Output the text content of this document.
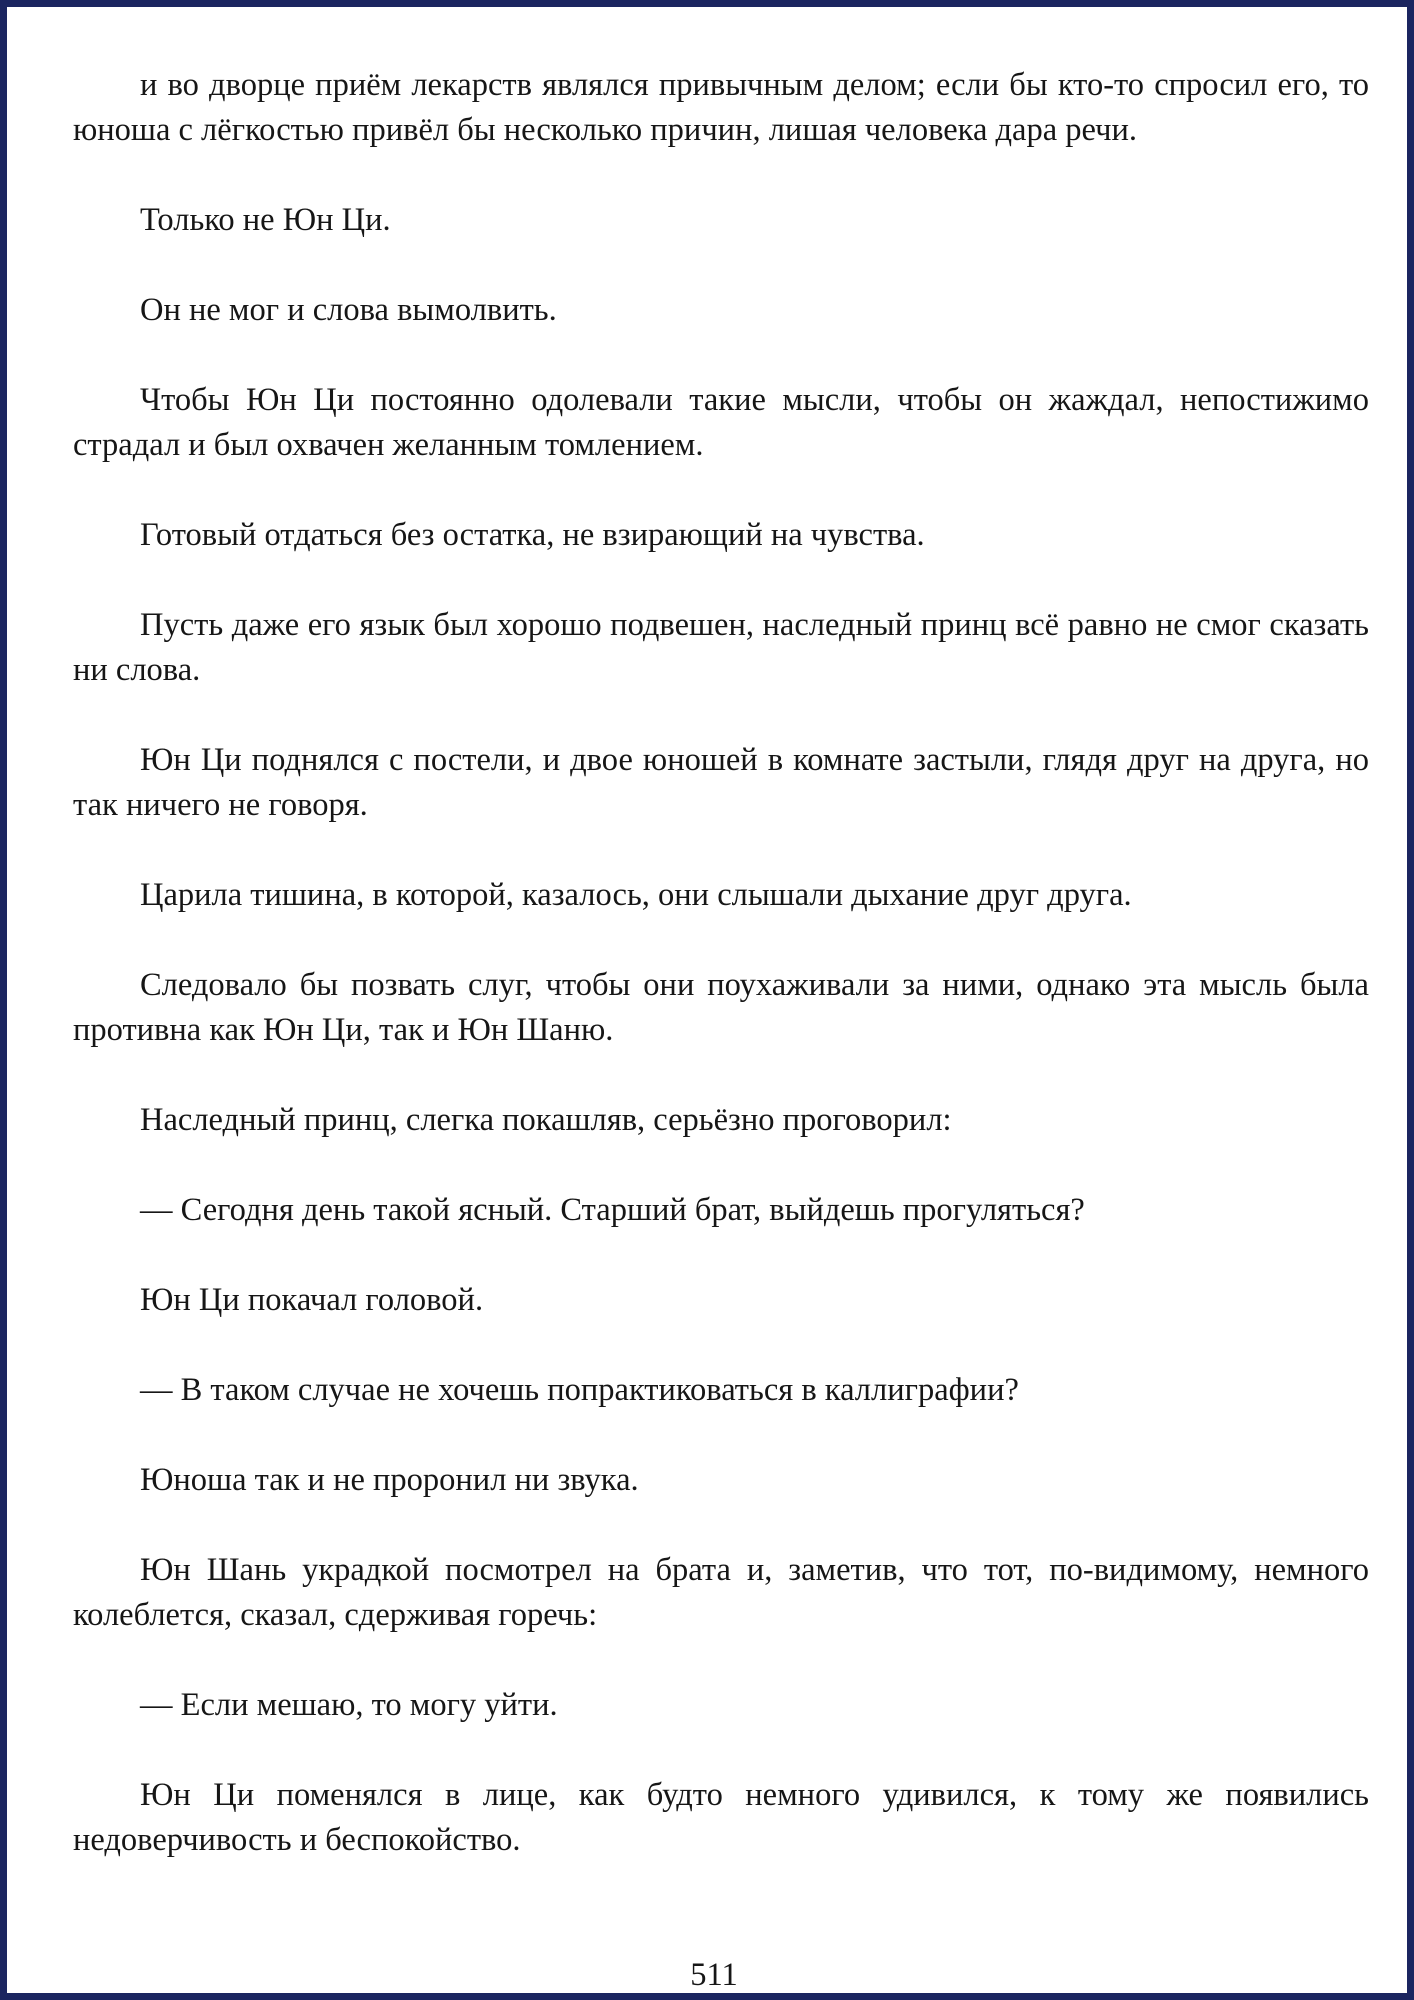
и во дворце приём лекарств являлся привычным делом; если бы кто-то спросил его, то юноша с лёгкостью привёл бы несколько причин, лишая человека дара речи.

Только не Юн Ци.

Он не мог и слова вымолвить.

Чтобы Юн Ци постоянно одолевали такие мысли, чтобы он жаждал, непостижимо страдал и был охвачен желанным томлением.

Готовый отдаться без остатка, не взирающий на чувства.

Пусть даже его язык был хорошо подвешен, наследный принц всё равно не смог сказать ни слова.

Юн Ци поднялся с постели, и двое юношей в комнате застыли, глядя друг на друга, но так ничего не говоря.

Царила тишина, в которой, казалось, они слышали дыхание друг друга.

Следовало бы позвать слуг, чтобы они поухаживали за ними, однако эта мысль была противна как Юн Ци, так и Юн Шаню.

Наследный принц, слегка покашляв, серьёзно проговорил:

— Сегодня день такой ясный. Старший брат, выйдешь прогуляться?

Юн Ци покачал головой.

— В таком случае не хочешь попрактиковаться в каллиграфии?

Юноша так и не проронил ни звука.

Юн Шань украдкой посмотрел на брата и, заметив, что тот, по-видимому, немного колеблется, сказал, сдерживая горечь:

— Если мешаю, то могу уйти.

Юн Ци поменялся в лице, как будто немного удивился, к тому же появились недоверчивость и беспокойство.

511
